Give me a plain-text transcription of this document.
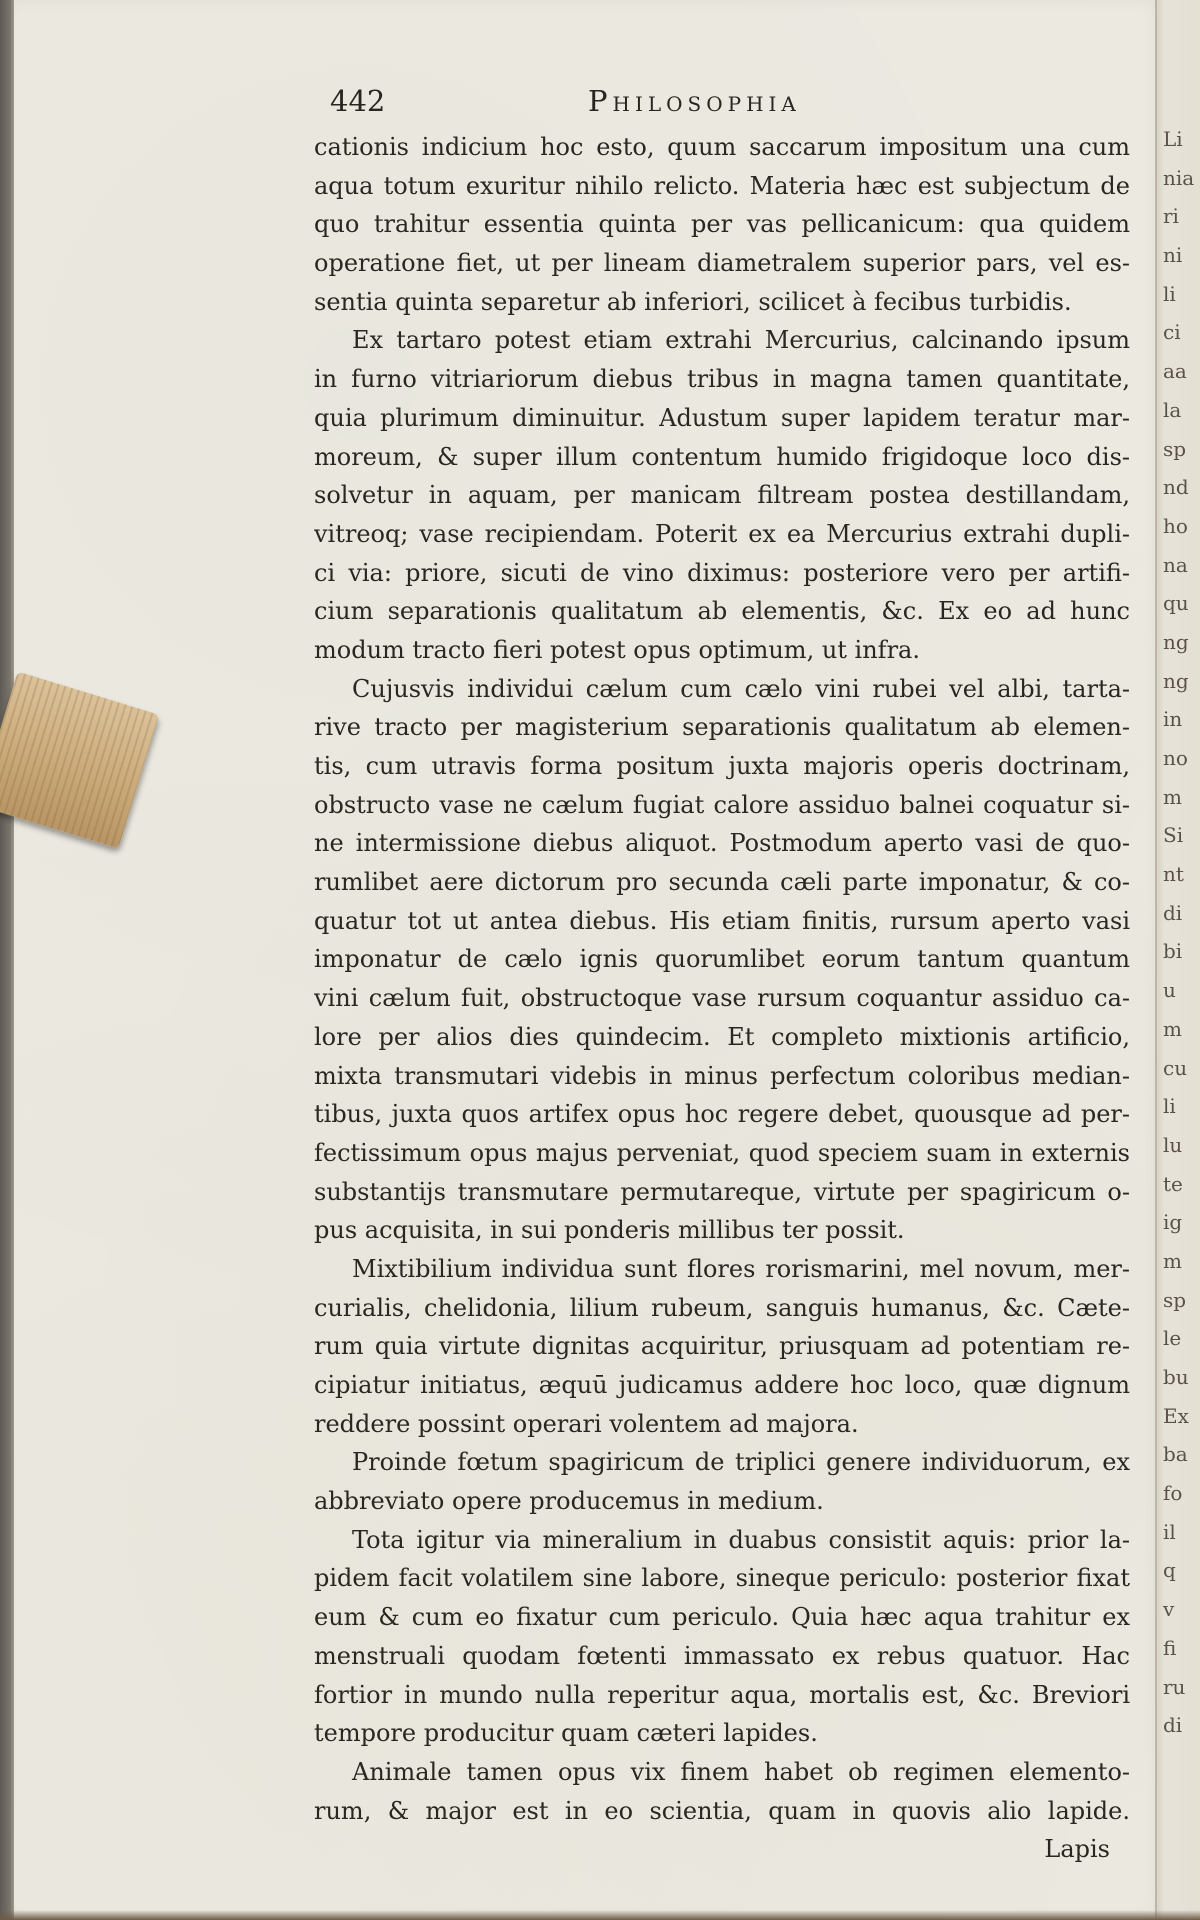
442	Philosophia
cationis indicium hoc esto, quum saccarum impositum una cum
aqua totum exuritur nihilo relicto. Materia hæc est subjectum de
quo trahitur essentia quinta per vas pellicanicum: qua quidem
operatione fiet, ut per lineam diametralem superior pars, vel es-
sentia quinta separetur ab inferiori, scilicet à fecibus turbidis.
Ex tartaro potest etiam extrahi Mercurius, calcinando ipsum
in furno vitriariorum diebus tribus in magna tamen quantitate,
quia plurimum diminuitur. Adustum super lapidem teratur mar-
moreum, & super illum contentum humido frigidoque loco dis-
solvetur in aquam, per manicam filtream postea destillandam,
vitreoq; vase recipiendam. Poterit ex ea Mercurius extrahi dupli-
ci via: priore, sicuti de vino diximus: posteriore vero per artifi-
cium separationis qualitatum ab elementis, &c. Ex eo ad hunc
modum tracto fieri potest opus optimum, ut infra.
Cujusvis individui cælum cum cælo vini rubei vel albi, tarta-
rive tracto per magisterium separationis qualitatum ab elemen-
tis, cum utravis forma positum juxta majoris operis doctrinam,
obstructo vase ne cælum fugiat calore assiduo balnei coquatur si-
ne intermissione diebus aliquot. Postmodum aperto vasi de quo-
rumlibet aere dictorum pro secunda cæli parte imponatur, & co-
quatur tot ut antea diebus. His etiam finitis, rursum aperto vasi
imponatur de cælo ignis quorumlibet eorum tantum quantum
vini cælum fuit, obstructoque vase rursum coquantur assiduo ca-
lore per alios dies quindecim. Et completo mixtionis artificio,
mixta transmutari videbis in minus perfectum coloribus median-
tibus, juxta quos artifex opus hoc regere debet, quousque ad per-
fectissimum opus majus perveniat, quod speciem suam in externis
substantijs transmutare permutareque, virtute per spagiricum o-
pus acquisita, in sui ponderis millibus ter possit.
Mixtibilium individua sunt flores rorismarini, mel novum, mer-
curialis, chelidonia, lilium rubeum, sanguis humanus, &c. Cæte-
rum quia virtute dignitas acquiritur, priusquam ad potentiam re-
cipiatur initiatus, æquū judicamus addere hoc loco, quæ dignum
reddere possint operari volentem ad majora.
Proinde fœtum spagiricum de triplici genere individuorum, ex
abbreviato opere producemus in medium.
Tota igitur via mineralium in duabus consistit aquis: prior la-
pidem facit volatilem sine labore, sineque periculo: posterior fixat
eum & cum eo fixatur cum periculo. Quia hæc aqua trahitur ex
menstruali quodam fœtenti immassato ex rebus quatuor. Hac
fortior in mundo nulla reperitur aqua, mortalis est, &c. Breviori
tempore producitur quam cæteri lapides.
Animale tamen opus vix finem habet ob regimen elemento-
rum, & major est in eo scientia, quam in quovis alio lapide.
Lapis
Li
nia
ri
ni
li
ci
aa
la
sp
nd
ho
na
qu
ng
ng
in
no
m
Si
nt
di
bi
u
m
cu
li
lu
te
ig
m
sp
le
bu
Ex
ba
fo
il
q
v
fi
ru
di
